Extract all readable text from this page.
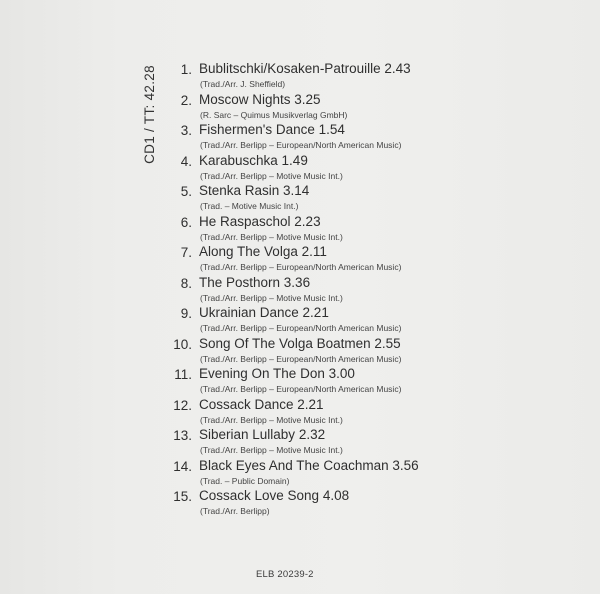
CD1 / TT: 42.28	1. Bublitschki/Kosaken-Patrouille 2.43
(Trad./Arr. J. Sheffield)
2. Moscow Nights 3.25
(R. Sarc – Quimus Musikverlag GmbH)
3. Fishermen's Dance 1.54
(Trad./Arr. Berlipp – European/North American Music)
4. Karabuschka 1.49
(Trad./Arr. Berlipp – Motive Music Int.)
5. Stenka Rasin 3.14
(Trad. – Motive Music Int.)
6. He Raspaschol 2.23
(Trad./Arr. Berlipp – Motive Music Int.)
7. Along The Volga 2.11
(Trad./Arr. Berlipp – European/North American Music)
8. The Posthorn 3.36
(Trad./Arr. Berlipp – Motive Music Int.)
9. Ukrainian Dance 2.21
(Trad./Arr. Berlipp – European/North American Music)
10. Song Of The Volga Boatmen 2.55
(Trad./Arr. Berlipp – European/North American Music)
11. Evening On The Don 3.00
(Trad./Arr. Berlipp – European/North American Music)
12. Cossack Dance 2.21
(Trad./Arr. Berlipp – Motive Music Int.)
13. Siberian Lullaby 2.32
(Trad./Arr. Berlipp – Motive Music Int.)
14. Black Eyes And The Coachman 3.56
(Trad. – Public Domain)
15. Cossack Love Song 4.08
(Trad./Arr. Berlipp)
ELB 20239-2
